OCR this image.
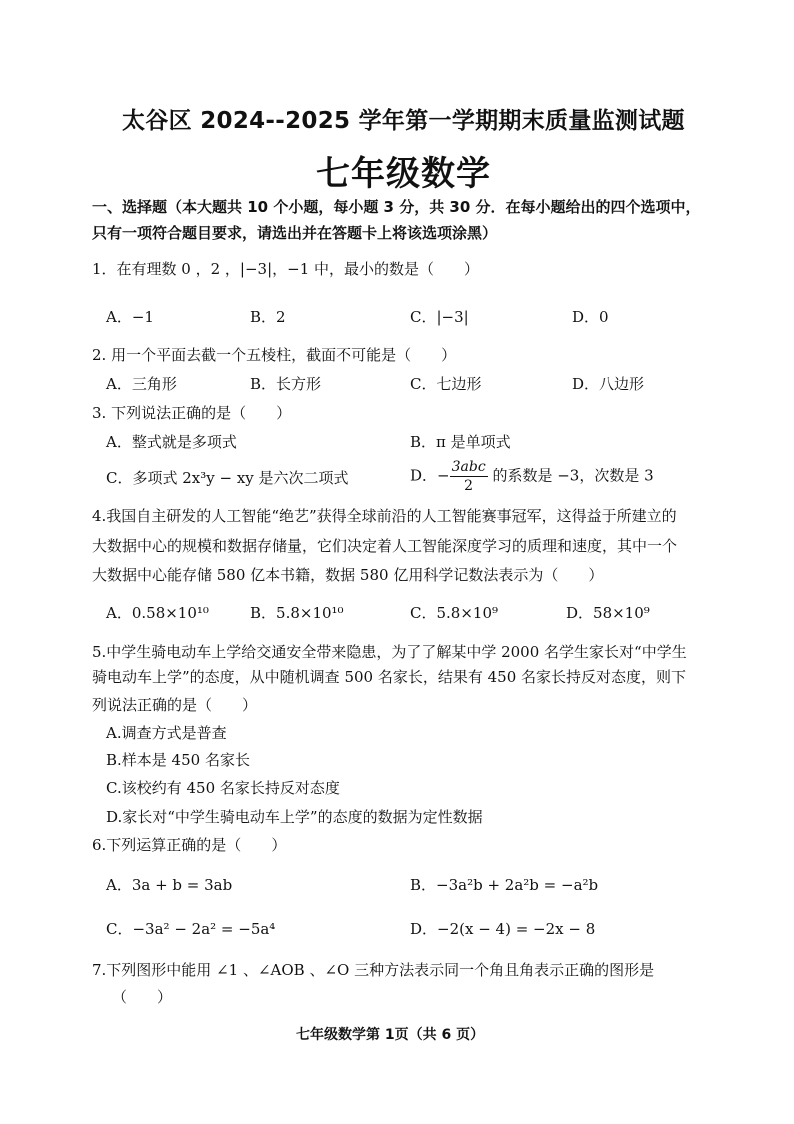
太谷区 2024--2025 学年第一学期期末质量监测试题
七年级数学
一、选择题（本大题共 10 个小题，每小题 3 分，共 30 分．在每小题给出的四个选项中，
只有一项符合题目要求，请选出并在答题卡上将该选项涂黑）
1．在有理数 0 ，2 ，|−3|，−1 中，最小的数是（　　）
A．−1	B．2	C．|−3|	D．0
2. 用一个平面去截一个五棱柱，截面不可能是（　　）
A．三角形	B．长方形	C．七边形	D．八边形
3. 下列说法正确的是（　　）
A．整式就是多项式	B．π 是单项式
C．多项式 2x³y − xy 是六次二项式	D．− $\frac{\text{3abc}}{2}$ 的系数是 −3，次数是 3
4.我国自主研发的人工智能“绝艺”获得全球前沿的人工智能赛事冠军，这得益于所建立的
大数据中心的规模和数据存储量，它们决定着人工智能深度学习的质理和速度，其中一个
大数据中心能存储 580 亿本书籍，数据 580 亿用科学记数法表示为（　　）
A．0.58×10¹⁰	B．5.8×10¹⁰	C．5.8×10⁹	D．58×10⁹
5.中学生骑电动车上学给交通安全带来隐患，为了了解某中学 2000 名学生家长对“中学生
骑电动车上学”的态度，从中随机调查 500 名家长，结果有 450 名家长持反对态度，则下
列说法正确的是（　　）
A.调查方式是普查
B.样本是 450 名家长
C.该校约有 450 名家长持反对态度
D.家长对“中学生骑电动车上学”的态度的数据为定性数据
6.下列运算正确的是（　　）
A．3a + b = 3ab	B．−3a²b + 2a²b = −a²b
C．−3a² − 2a² = −5a⁴	D．−2(x − 4) = −2x − 8
7.下列图形中能用 ∠1 、∠AOB 、∠O 三种方法表示同一个角且角表示正确的图形是
（　　）
七年级数学第 1页（共 6 页）
